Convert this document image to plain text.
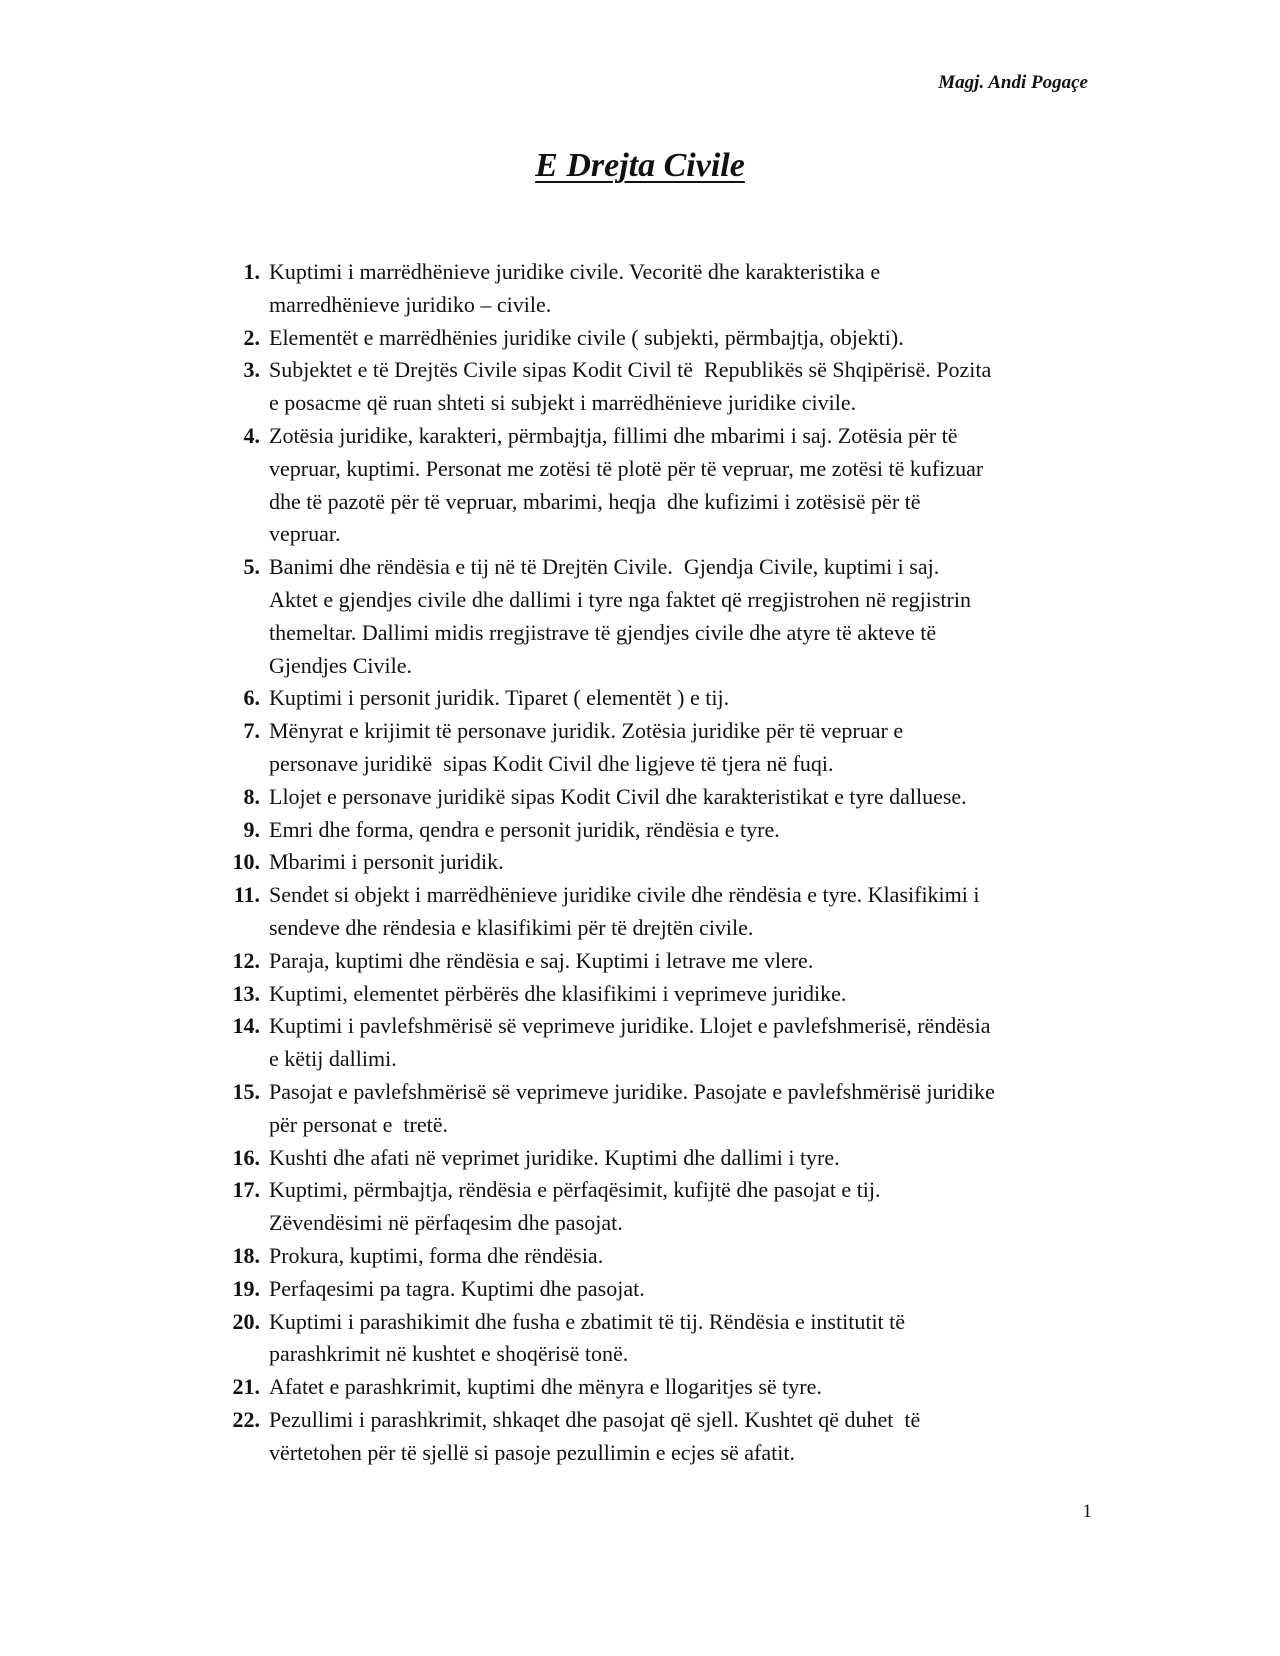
Magj. Andi Pogaçe

E Drejta Civile
1. Kuptimi i marrëdhënieve juridike civile. Vecoritë dhe karakteristika e
marredhënieve juridiko – civile.
2. Elementët e marrëdhënies juridike civile ( subjekti, përmbajtja, objekti).
3. Subjektet e të Drejtës Civile sipas Kodit Civil të  Republikës së Shqipërisë. Pozita
e posacme që ruan shteti si subjekt i marrëdhënieve juridike civile.
4. Zotësia juridike, karakteri, përmbajtja, fillimi dhe mbarimi i saj. Zotësia për të
vepruar, kuptimi. Personat me zotësi të plotë për të vepruar, me zotësi të kufizuar
dhe të pazotë për të vepruar, mbarimi, heqja  dhe kufizimi i zotësisë për të
vepruar.
5. Banimi dhe rëndësia e tij në të Drejtën Civile.  Gjendja Civile, kuptimi i saj.
Aktet e gjendjes civile dhe dallimi i tyre nga faktet që rregjistrohen në regjistrin
themeltar. Dallimi midis rregjistrave të gjendjes civile dhe atyre të akteve të
Gjendjes Civile.
6. Kuptimi i personit juridik. Tiparet ( elementët ) e tij.
7. Mënyrat e krijimit të personave juridik. Zotësia juridike për të vepruar e
personave juridikë  sipas Kodit Civil dhe ligjeve të tjera në fuqi.
8. Llojet e personave juridikë sipas Kodit Civil dhe karakteristikat e tyre dalluese.
9. Emri dhe forma, qendra e personit juridik, rëndësia e tyre.
10. Mbarimi i personit juridik.
11. Sendet si objekt i marrëdhënieve juridike civile dhe rëndësia e tyre. Klasifikimi i
sendeve dhe rëndesia e klasifikimi për të drejtën civile.
12. Paraja, kuptimi dhe rëndësia e saj. Kuptimi i letrave me vlere.
13. Kuptimi, elementet përbërës dhe klasifikimi i veprimeve juridike.
14. Kuptimi i pavlefshmërisë së veprimeve juridike. Llojet e pavlefshmerisë, rëndësia
e këtij dallimi.
15. Pasojat e pavlefshmërisë së veprimeve juridike. Pasojate e pavlefshmërisë juridike
për personat e  tretë.
16. Kushti dhe afati në veprimet juridike. Kuptimi dhe dallimi i tyre.
17. Kuptimi, përmbajtja, rëndësia e përfaqësimit, kufijtë dhe pasojat e tij.
Zëvendësimi në përfaqesim dhe pasojat.
18. Prokura, kuptimi, forma dhe rëndësia.
19. Perfaqesimi pa tagra. Kuptimi dhe pasojat.
20. Kuptimi i parashikimit dhe fusha e zbatimit të tij. Rëndësia e institutit të
parashkrimit në kushtet e shoqërisë tonë.
21. Afatet e parashkrimit, kuptimi dhe mënyra e llogaritjes së tyre.
22. Pezullimi i parashkrimit, shkaqet dhe pasojat që sjell. Kushtet që duhet  të
vërtetohen për të sjellë si pasoje pezullimin e ecjes së afatit.

1
